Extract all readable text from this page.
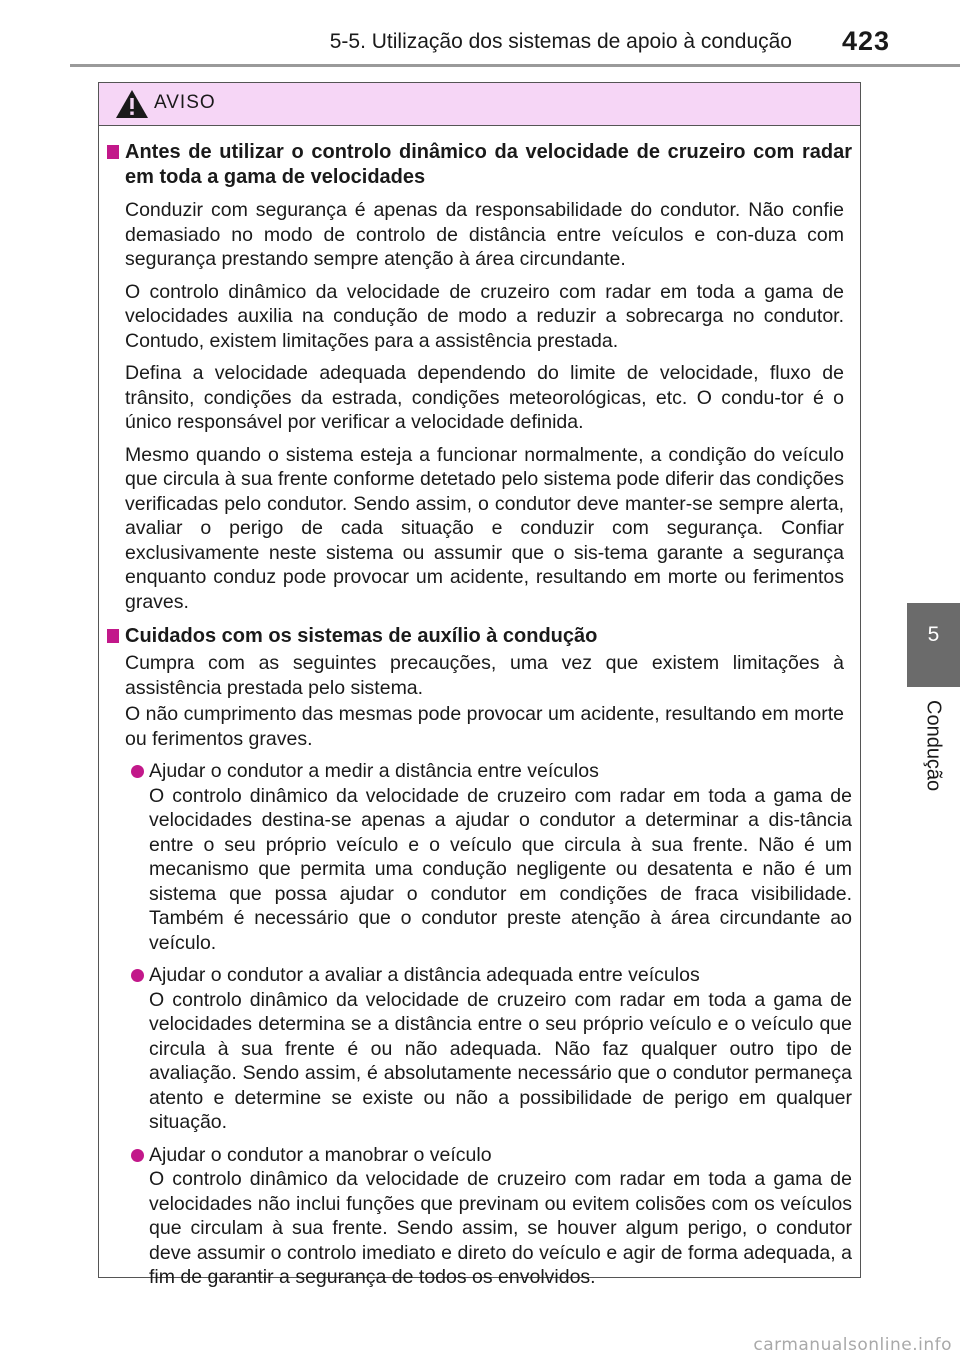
5-5. Utilização dos sistemas de apoio à condução 423
5
Condução
AVISO
Antes de utilizar o controlo dinâmico da velocidade de cruzeiro com radar em toda a gama de velocidades

Conduzir com segurança é apenas da responsabilidade do condutor. Não confie demasiado no modo de controlo de distância entre veículos e con-duza com segurança prestando sempre atenção à área circundante.

O controlo dinâmico da velocidade de cruzeiro com radar em toda a gama de velocidades auxilia na condução de modo a reduzir a sobrecarga no condutor. Contudo, existem limitações para a assistência prestada.

Defina a velocidade adequada dependendo do limite de velocidade, fluxo de trânsito, condições da estrada, condições meteorológicas, etc. O condu-tor é o único responsável por verificar a velocidade definida.

Mesmo quando o sistema esteja a funcionar normalmente, a condição do veículo que circula à sua frente conforme detetado pelo sistema pode diferir das condições verificadas pelo condutor. Sendo assim, o condutor deve manter-se sempre alerta, avaliar o perigo de cada situação e conduzir com segurança. Confiar exclusivamente neste sistema ou assumir que o sis-tema garante a segurança enquanto conduz pode provocar um acidente, resultando em morte ou ferimentos graves.

Cuidados com os sistemas de auxílio à condução

Cumpra com as seguintes precauções, uma vez que existem limitações à assistência prestada pelo sistema.

O não cumprimento das mesmas pode provocar um acidente, resultando em morte ou ferimentos graves.

Ajudar o condutor a medir a distância entre veículos
O controlo dinâmico da velocidade de cruzeiro com radar em toda a gama de velocidades destina-se apenas a ajudar o condutor a determinar a dis-tância entre o seu próprio veículo e o veículo que circula à sua frente. Não é um mecanismo que permita uma condução negligente ou desatenta e não é um sistema que possa ajudar o condutor em condições de fraca visibilidade. Também é necessário que o condutor preste atenção à área circundante ao veículo.
Ajudar o condutor a avaliar a distância adequada entre veículos
O controlo dinâmico da velocidade de cruzeiro com radar em toda a gama de velocidades determina se a distância entre o seu próprio veículo e o veículo que circula à sua frente é ou não adequada. Não faz qualquer outro tipo de avaliação. Sendo assim, é absolutamente necessário que o condutor permaneça atento e determine se existe ou não a possibilidade de perigo em qualquer situação.
Ajudar o condutor a manobrar o veículo
O controlo dinâmico da velocidade de cruzeiro com radar em toda a gama de velocidades não inclui funções que previnam ou evitem colisões com os veículos que circulam à sua frente. Sendo assim, se houver algum perigo, o condutor deve assumir o controlo imediato e direto do veículo e agir de forma adequada, a fim de garantir a segurança de todos os envolvidos.
carmanualsonline.info
